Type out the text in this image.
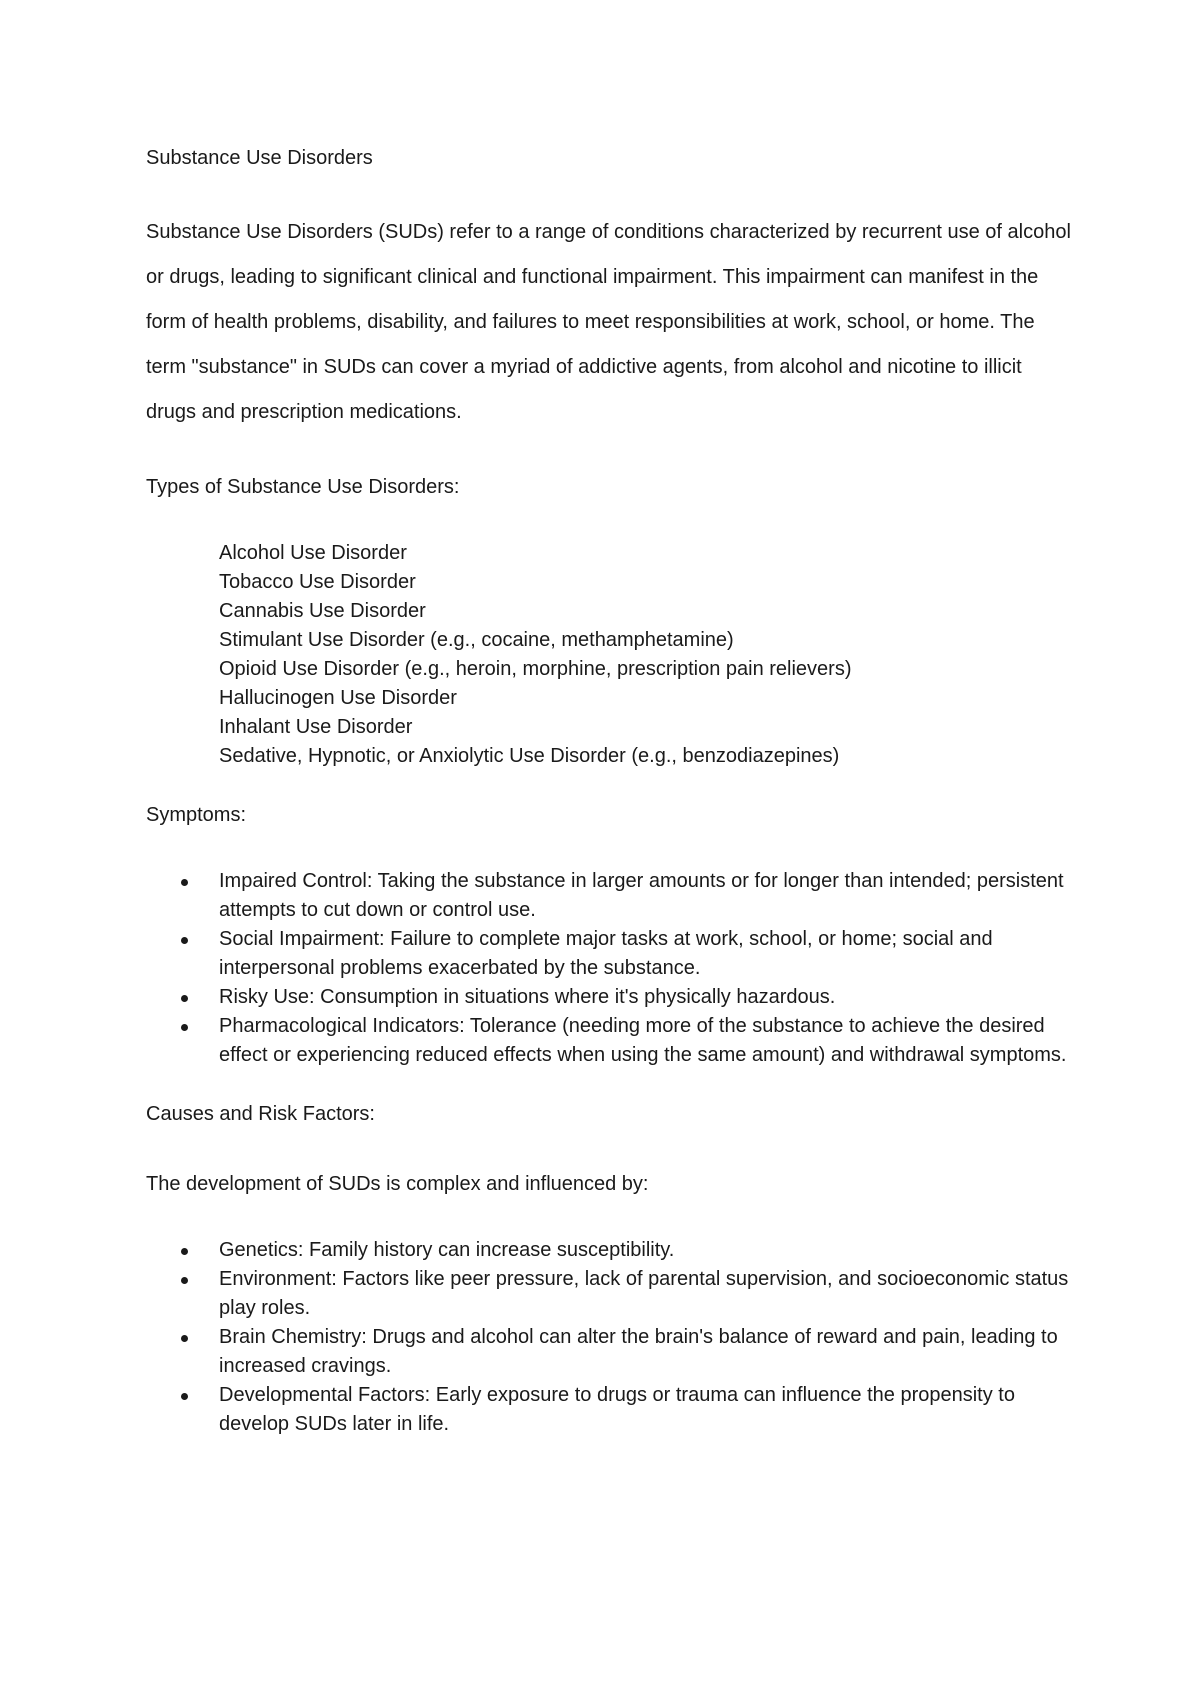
Substance Use Disorders

Substance Use Disorders (SUDs) refer to a range of conditions characterized by recurrent use of alcohol or drugs, leading to significant clinical and functional impairment. This impairment can manifest in the form of health problems, disability, and failures to meet responsibilities at work, school, or home. The term "substance" in SUDs can cover a myriad of addictive agents, from alcohol and nicotine to illicit drugs and prescription medications.

Types of Substance Use Disorders:

Alcohol Use Disorder
Tobacco Use Disorder
Cannabis Use Disorder
Stimulant Use Disorder (e.g., cocaine, methamphetamine)
Opioid Use Disorder (e.g., heroin, morphine, prescription pain relievers)
Hallucinogen Use Disorder
Inhalant Use Disorder
Sedative, Hypnotic, or Anxiolytic Use Disorder (e.g., benzodiazepines)

Symptoms:

Impaired Control: Taking the substance in larger amounts or for longer than intended; persistent attempts to cut down or control use.
Social Impairment: Failure to complete major tasks at work, school, or home; social and interpersonal problems exacerbated by the substance.
Risky Use: Consumption in situations where it's physically hazardous.
Pharmacological Indicators: Tolerance (needing more of the substance to achieve the desired effect or experiencing reduced effects when using the same amount) and withdrawal symptoms.

Causes and Risk Factors:

The development of SUDs is complex and influenced by:

Genetics: Family history can increase susceptibility.
Environment: Factors like peer pressure, lack of parental supervision, and socioeconomic status play roles.
Brain Chemistry: Drugs and alcohol can alter the brain's balance of reward and pain, leading to increased cravings.
Developmental Factors: Early exposure to drugs or trauma can influence the propensity to develop SUDs later in life.
